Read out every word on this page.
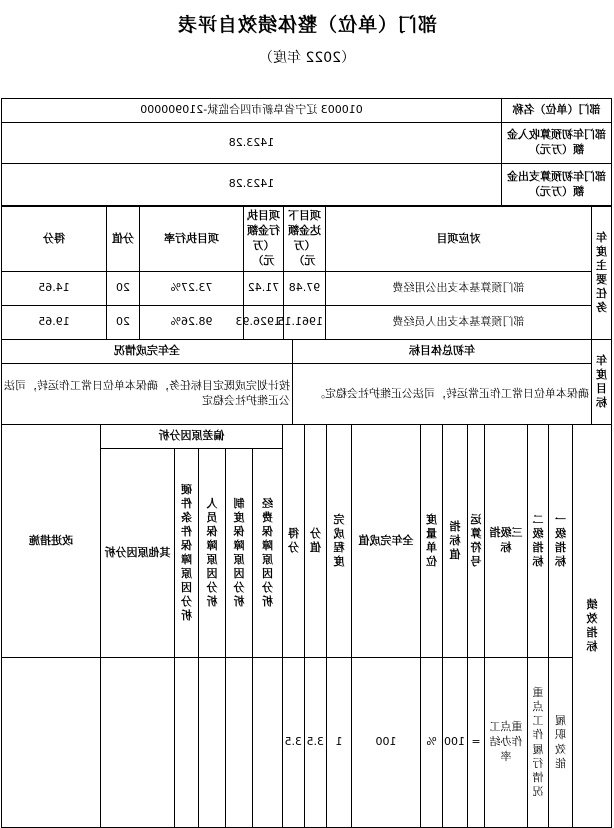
部门（单位）整体绩效自评表
（2022 年度）
部门（单位）名称	010003 辽宁省阜新市四合监狱-210900000
部门年初预算收入金额（万元）	1423.28
部门年初预算支出金额（万元）	1423.28
年度主要任务	对应项目	项目下达金额（万元）	项目执行金额（万元）	项目执行率	分值	得分
	部门预算基本支出公用经费	97.48	71.42	73.27%	20	14.65
	部门预算基本支出人员经费	1961.15	1926.93	98.26%	20	19.65
年度目标	年初总体目标	全年完成情况
	确保本单位日常工作正常运转，司法公正维护社会稳定。	按计划完成既定目标任务，确保本单位日常工作运转，司法公正维护社会稳定
绩效指标	一级指标	二级指标	三级指标	运算符号	指标值	度量单位	全年完成值	完成程度	分值	得分	偏差原因分析					改进措施

											经费保障原因分析	制度保障原因分析	人员保障原因分析	硬件条件保障原因分析	其他原因分析	

	履职效能	重点工作履行情况	重点工作办结率	=	100	%	100	1	3.5	3.5						
